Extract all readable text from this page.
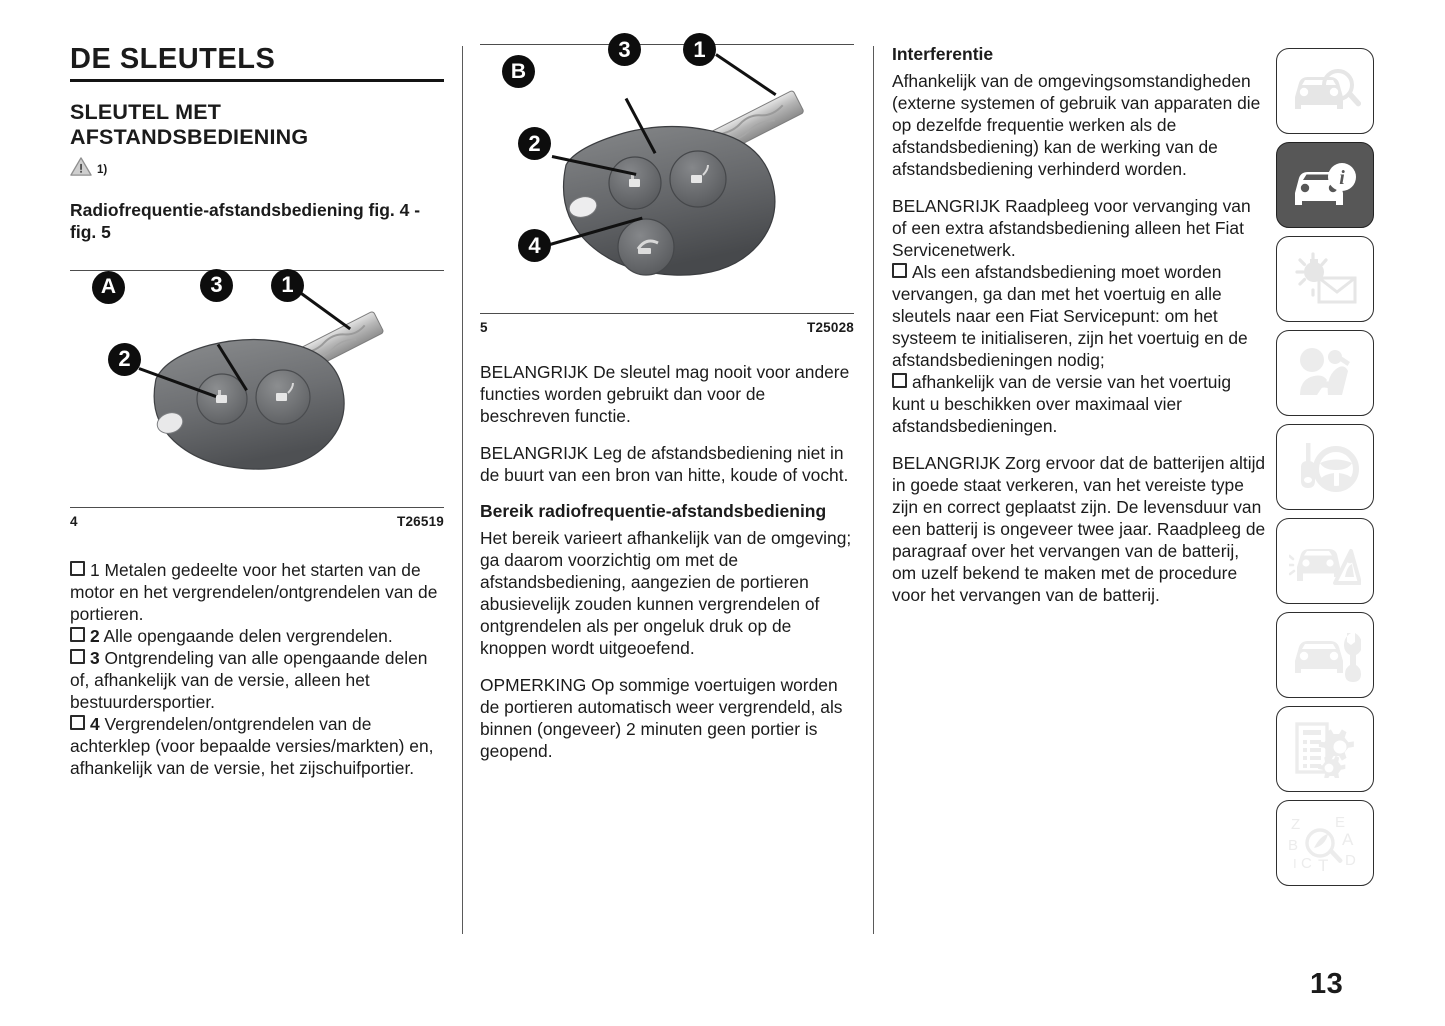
DE SLEUTELS
SLEUTEL MET AFSTANDSBEDIENING
1)
Radiofrequentie-afstandsbediening fig. 4 - fig. 5
A	3	1
2
4	T26519
1 Metalen gedeelte voor het starten van de motor en het vergrendelen/ontgrendelen van de portieren.
2 Alle opengaande delen vergrendelen.
3 Ontgrendeling van alle opengaande delen of, afhankelijk van de versie, alleen het bestuurdersportier.
4 Vergrendelen/ontgrendelen van de achterklep (voor bepaalde versies/markten) en, afhankelijk van de versie, het zijschuifportier.
B
3	1
2
4
5	T25028

BELANGRIJK De sleutel mag nooit voor andere functies worden gebruikt dan voor de beschreven functie.

BELANGRIJK Leg de afstandsbediening niet in de buurt van een bron van hitte, koude of vocht.

Bereik radiofrequentie-afstandsbediening

Het bereik varieert afhankelijk van de omgeving; ga daarom voorzichtig om met de afstandsbediening, aangezien de portieren abusievelijk zouden kunnen vergrendelen of ontgrendelen als per ongeluk druk op de knoppen wordt uitgeoefend.

OPMERKING Op sommige voertuigen worden de portieren automatisch weer vergrendeld, als binnen (ongeveer) 2 minuten geen portier is geopend.

Interferentie

Afhankelijk van de omgevingsomstandigheden (externe systemen of gebruik van apparaten die op dezelfde frequentie werken als de afstandsbediening) kan de werking van de afstandsbediening verhinderd worden.

BELANGRIJK Raadpleeg voor vervanging van of een extra afstandsbediening alleen het Fiat Servicenetwerk.

Als een afstandsbediening moet worden vervangen, ga dan met het voertuig en alle sleutels naar een Fiat Servicepunt: om het systeem te initialiseren, zijn het voertuig en de afstandsbedieningen nodig;
afhankelijk van de versie van het voertuig kunt u beschikken over maximaal vier afstandsbedieningen.

BELANGRIJK Zorg ervoor dat de batterijen altijd in goede staat verkeren, van het vereiste type zijn en correct geplaatst zijn. De levensduur van een batterij is ongeveer twee jaar. Raadpleeg de paragraaf over het vervangen van de batterij, om uzelf bekend te maken met de procedure voor het vervangen van de batterij.

i
Z E
B	A
I C T D
13
